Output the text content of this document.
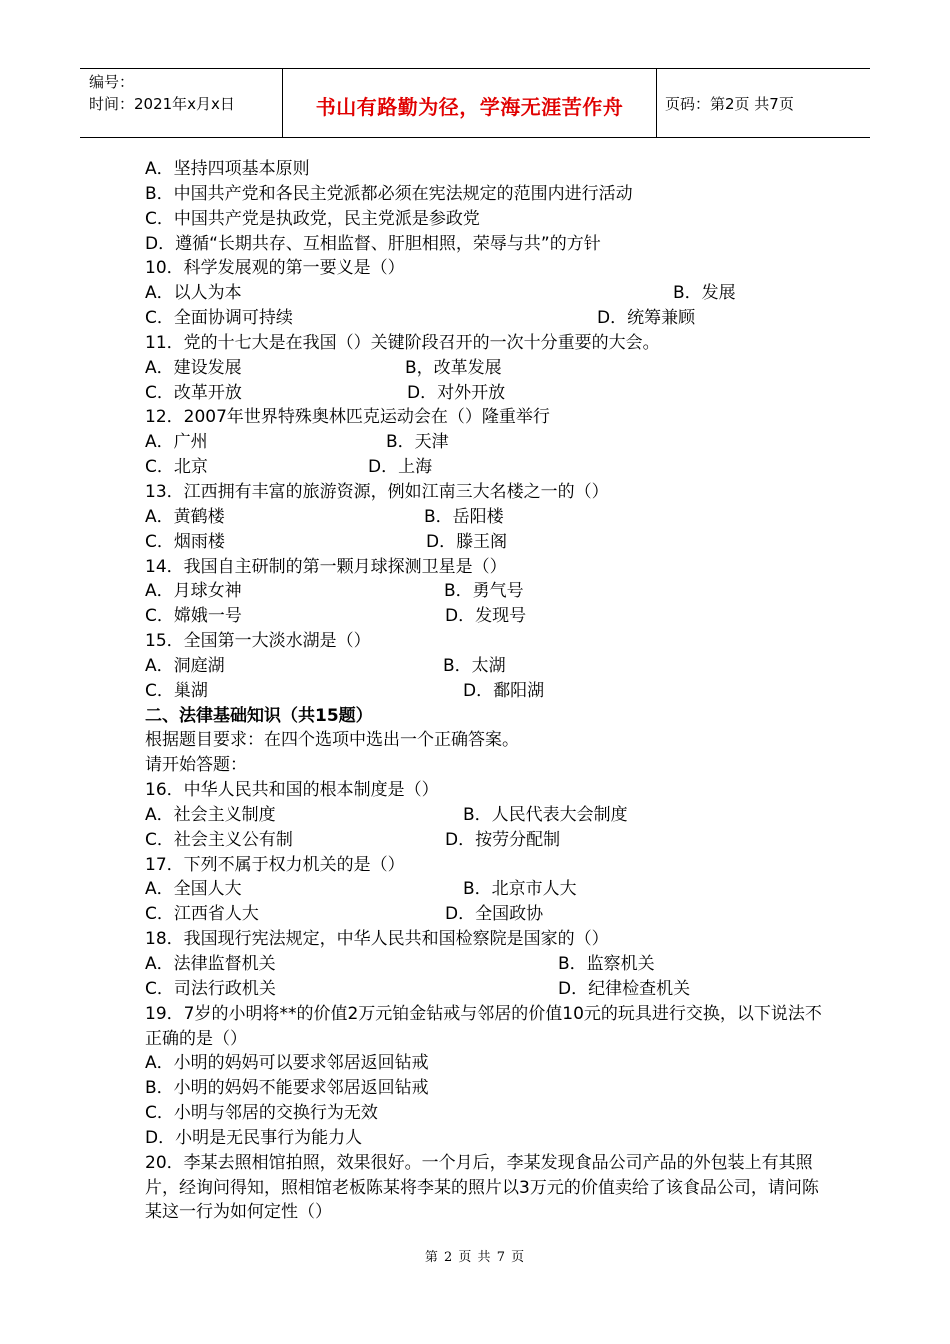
编号：
时间：2021年x月x日	书山有路勤为径，学海无涯苦作舟	页码：第2页 共7页
A．坚持四项基本原则
B．中国共产党和各民主党派都必须在宪法规定的范围内进行活动
C．中国共产党是执政党，民主党派是参政党
D．遵循“长期共存、互相监督、肝胆相照，荣辱与共”的方针
10．科学发展观的第一要义是（）
A．以人为本	B．发展
C．全面协调可持续	D．统筹兼顾
11．党的十七大是在我国（）关键阶段召开的一次十分重要的大会。
A．建设发展	B，改革发展
C．改革开放	D．对外开放
12．2007年世界特殊奥林匹克运动会在（）隆重举行
A．广州	B．天津
C．北京	D．上海
13．江西拥有丰富的旅游资源，例如江南三大名楼之一的（）
A．黄鹤楼	B．岳阳楼
C．烟雨楼	D．滕王阁
14．我国自主研制的第一颗月球探测卫星是（）
A．月球女神	B．勇气号
C．嫦娥一号	D．发现号
15．全国第一大淡水湖是（）
A．洞庭湖	B．太湖
C．巢湖	D．鄱阳湖
二、法律基础知识（共15题）
根据题目要求：在四个选项中选出一个正确答案。
请开始答题：
16．中华人民共和国的根本制度是（）
A．社会主义制度	B．人民代表大会制度
C．社会主义公有制	D．按劳分配制
17．下列不属于权力机关的是（）
A．全国人大	B．北京市人大
C．江西省人大	D．全国政协
18．我国现行宪法规定，中华人民共和国检察院是国家的（）
A．法律监督机关	B．监察机关
C．司法行政机关	D．纪律检查机关
19．7岁的小明将**的价值2万元铂金钻戒与邻居的价值10元的玩具进行交换，以下说法不正确的是（）
A．小明的妈妈可以要求邻居返回钻戒
B．小明的妈妈不能要求邻居返回钻戒
C．小明与邻居的交换行为无效
D．小明是无民事行为能力人
20．李某去照相馆拍照，效果很好。一个月后，李某发现食品公司产品的外包装上有其照片，经询问得知，照相馆老板陈某将李某的照片以3万元的价值卖给了该食品公司，请问陈某这一行为如何定性（）
第 2 页 共 7 页
